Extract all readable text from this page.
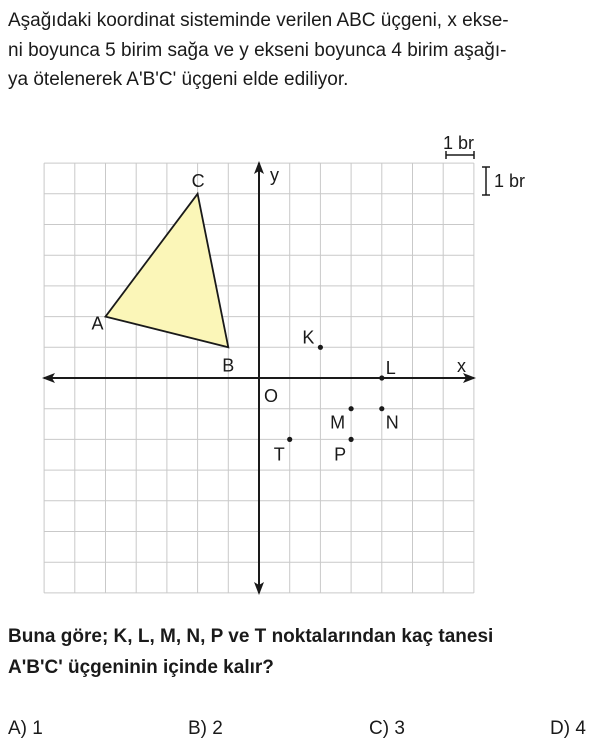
Aşağıdaki koordinat sisteminde verilen ABC üçgeni, x ekse-
ni boyunca 5 birim sağa ve y ekseni boyunca 4 birim aşağı-
ya ötelenerek A'B'C' üçgeni elde ediliyor.
x
y
O
A
B
C
K
L
M N
P
T
1 br
1 br
Buna göre; K, L, M, N, P ve T noktalarından kaç tanesi
A'B'C' üçgeninin içinde kalır?
A) 1	B) 2	C) 3	D) 4
